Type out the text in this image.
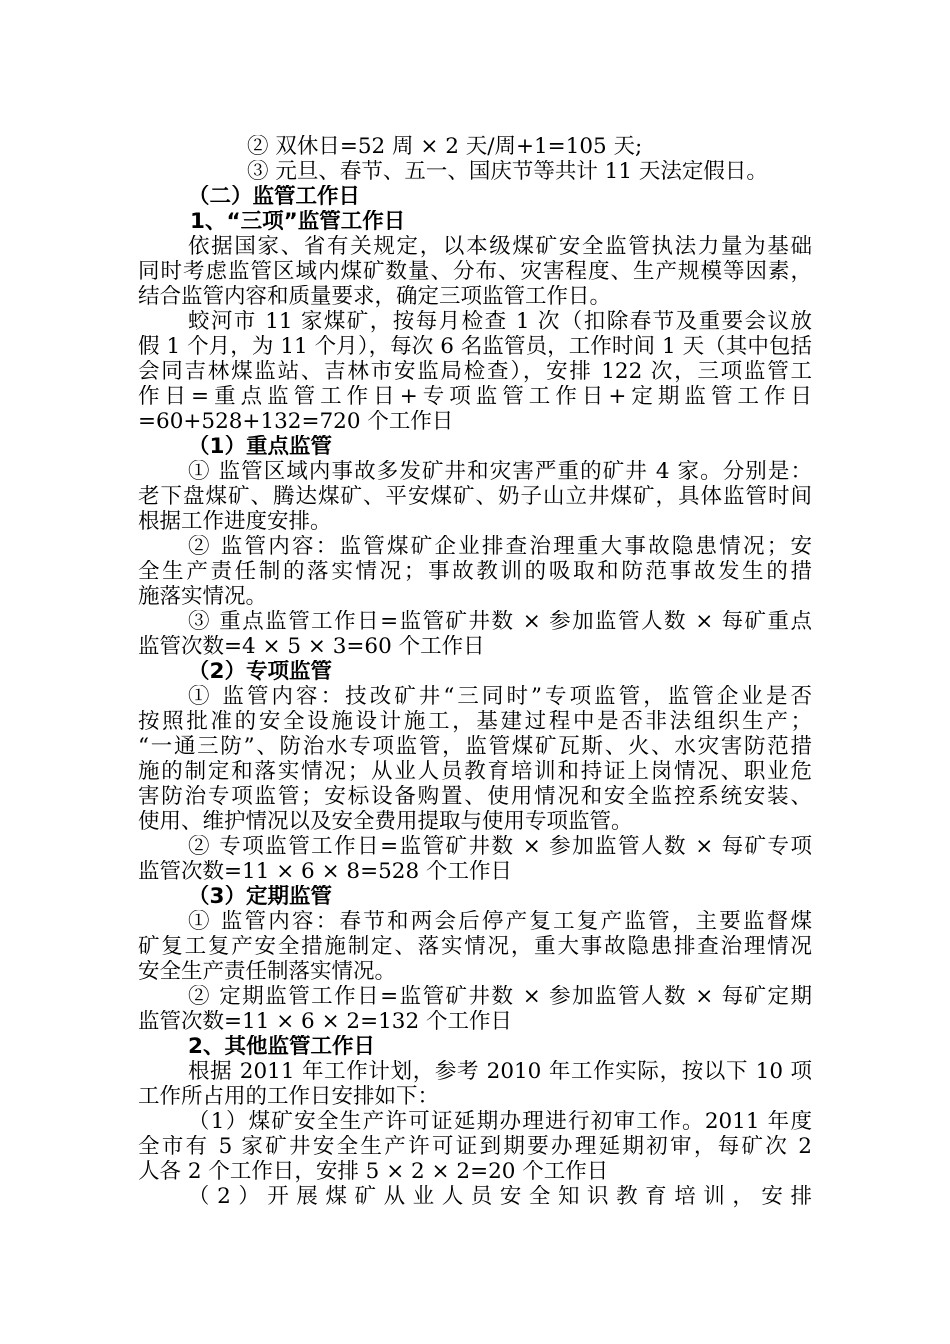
② 双休日=52 周 × 2 天/周+1=105 天;
③ 元旦、春节、五一、国庆节等共计 11 天法定假日。
（二）监管工作日
1、“三项”监管工作日
依据国家、省有关规定，以本级煤矿安全监管执法力量为基础
同时考虑监管区域内煤矿数量、分布、灾害程度、生产规模等因素，
结合监管内容和质量要求，确定三项监管工作日。
蛟河市 11 家煤矿，按每月检查 1 次（扣除春节及重要会议放
假 1 个月，为 11 个月），每次 6 名监管员，工作时间 1 天（其中包括
会同吉林煤监站、吉林市安监局检查），安排 122 次，三项监管工
作日=重点监管工作日+专项监管工作日+定期监管工作日
=60+528+132=720 个工作日
（1）重点监管
① 监管区域内事故多发矿井和灾害严重的矿井 4 家。分别是：
老下盘煤矿、腾达煤矿、平安煤矿、奶子山立井煤矿，具体监管时间
根据工作进度安排。
② 监管内容：监管煤矿企业排查治理重大事故隐患情况；安
全生产责任制的落实情况；事故教训的吸取和防范事故发生的措
施落实情况。
③ 重点监管工作日=监管矿井数 × 参加监管人数 × 每矿重点
监管次数=4 × 5 × 3=60 个工作日
（2）专项监管
① 监管内容：技改矿井“三同时”专项监管，监管企业是否
按照批准的安全设施设计施工，基建过程中是否非法组织生产；
“一通三防”、防治水专项监管，监管煤矿瓦斯、火、水灾害防范措
施的制定和落实情况；从业人员教育培训和持证上岗情况、职业危
害防治专项监管；安标设备购置、使用情况和安全监控系统安装、
使用、维护情况以及安全费用提取与使用专项监管。
② 专项监管工作日=监管矿井数 × 参加监管人数 × 每矿专项
监管次数=11 × 6 × 8=528 个工作日
（3）定期监管
① 监管内容：春节和两会后停产复工复产监管，主要监督煤
矿复工复产安全措施制定、落实情况，重大事故隐患排查治理情况
安全生产责任制落实情况。
② 定期监管工作日=监管矿井数 × 参加监管人数 × 每矿定期
监管次数=11 × 6 × 2=132 个工作日
2、其他监管工作日
根据 2011 年工作计划，参考 2010 年工作实际，按以下 10 项
工作所占用的工作日安排如下：
（1）煤矿安全生产许可证延期办理进行初审工作。2011 年度
全市有 5 家矿井安全生产许可证到期要办理延期初审，每矿次 2
人各 2 个工作日，安排 5 × 2 × 2=20 个工作日
（2）开展煤矿从业人员安全知识教育培训，安排
